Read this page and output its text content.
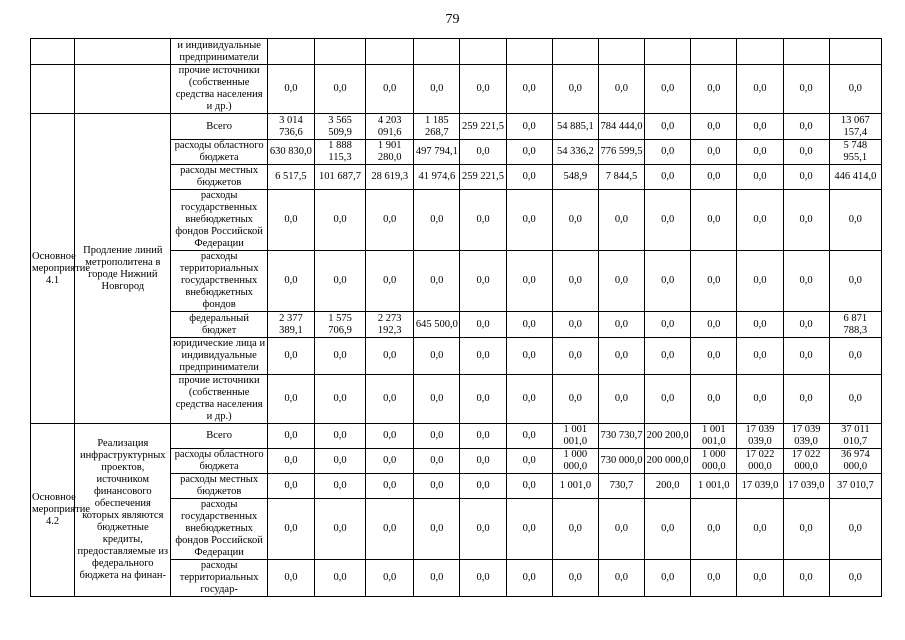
79
		и индивидуальные предприниматели													
		прочие источники (собственные средства населения и др.)	0,0	0,0	0,0	0,0	0,0	0,0	0,0	0,0	0,0	0,0	0,0	0,0	0,0
Основное мероприятие 4.1	Продление линий метрополитена в городе Нижний Новгород	Всего	3 014 736,6	3 565 509,9	4 203 091,6	1 185 268,7	259 221,5	0,0	54 885,1	784 444,0	0,0	0,0	0,0	0,0	13 067 157,4
		расходы областного бюджета	630 830,0	1 888 115,3	1 901 280,0	497 794,1	0,0	0,0	54 336,2	776 599,5	0,0	0,0	0,0	0,0	5 748 955,1
		расходы местных бюджетов	6 517,5	101 687,7	28 619,3	41 974,6	259 221,5	0,0	548,9	7 844,5	0,0	0,0	0,0	0,0	446 414,0
		расходы государственных внебюджетных фондов Российской Федерации	0,0	0,0	0,0	0,0	0,0	0,0	0,0	0,0	0,0	0,0	0,0	0,0	0,0
		расходы территориальных государственных внебюджетных фондов	0,0	0,0	0,0	0,0	0,0	0,0	0,0	0,0	0,0	0,0	0,0	0,0	0,0
		федеральный бюджет	2 377 389,1	1 575 706,9	2 273 192,3	645 500,0	0,0	0,0	0,0	0,0	0,0	0,0	0,0	0,0	6 871 788,3
		юридические лица и индивидуальные предприниматели	0,0	0,0	0,0	0,0	0,0	0,0	0,0	0,0	0,0	0,0	0,0	0,0	0,0
		прочие источники (собственные средства населения и др.)	0,0	0,0	0,0	0,0	0,0	0,0	0,0	0,0	0,0	0,0	0,0	0,0	0,0
Основное мероприятие 4.2	Реализация инфраструктурных проектов, источником финансового обеспечения которых являются бюджетные кредиты, предоставляемые из федерального бюджета на финан-	Всего	0,0	0,0	0,0	0,0	0,0	0,0	1 001 001,0	730 730,7	200 200,0	1 001 001,0	17 039 039,0	17 039 039,0	37 011 010,7
		расходы областного бюджета	0,0	0,0	0,0	0,0	0,0	0,0	1 000 000,0	730 000,0	200 000,0	1 000 000,0	17 022 000,0	17 022 000,0	36 974 000,0
		расходы местных бюджетов	0,0	0,0	0,0	0,0	0,0	0,0	1 001,0	730,7	200,0	1 001,0	17 039,0	17 039,0	37 010,7
		расходы государственных внебюджетных фондов Российской Федерации	0,0	0,0	0,0	0,0	0,0	0,0	0,0	0,0	0,0	0,0	0,0	0,0	0,0
		расходы территориальных государ-	0,0	0,0	0,0	0,0	0,0	0,0	0,0	0,0	0,0	0,0	0,0	0,0	0,0
